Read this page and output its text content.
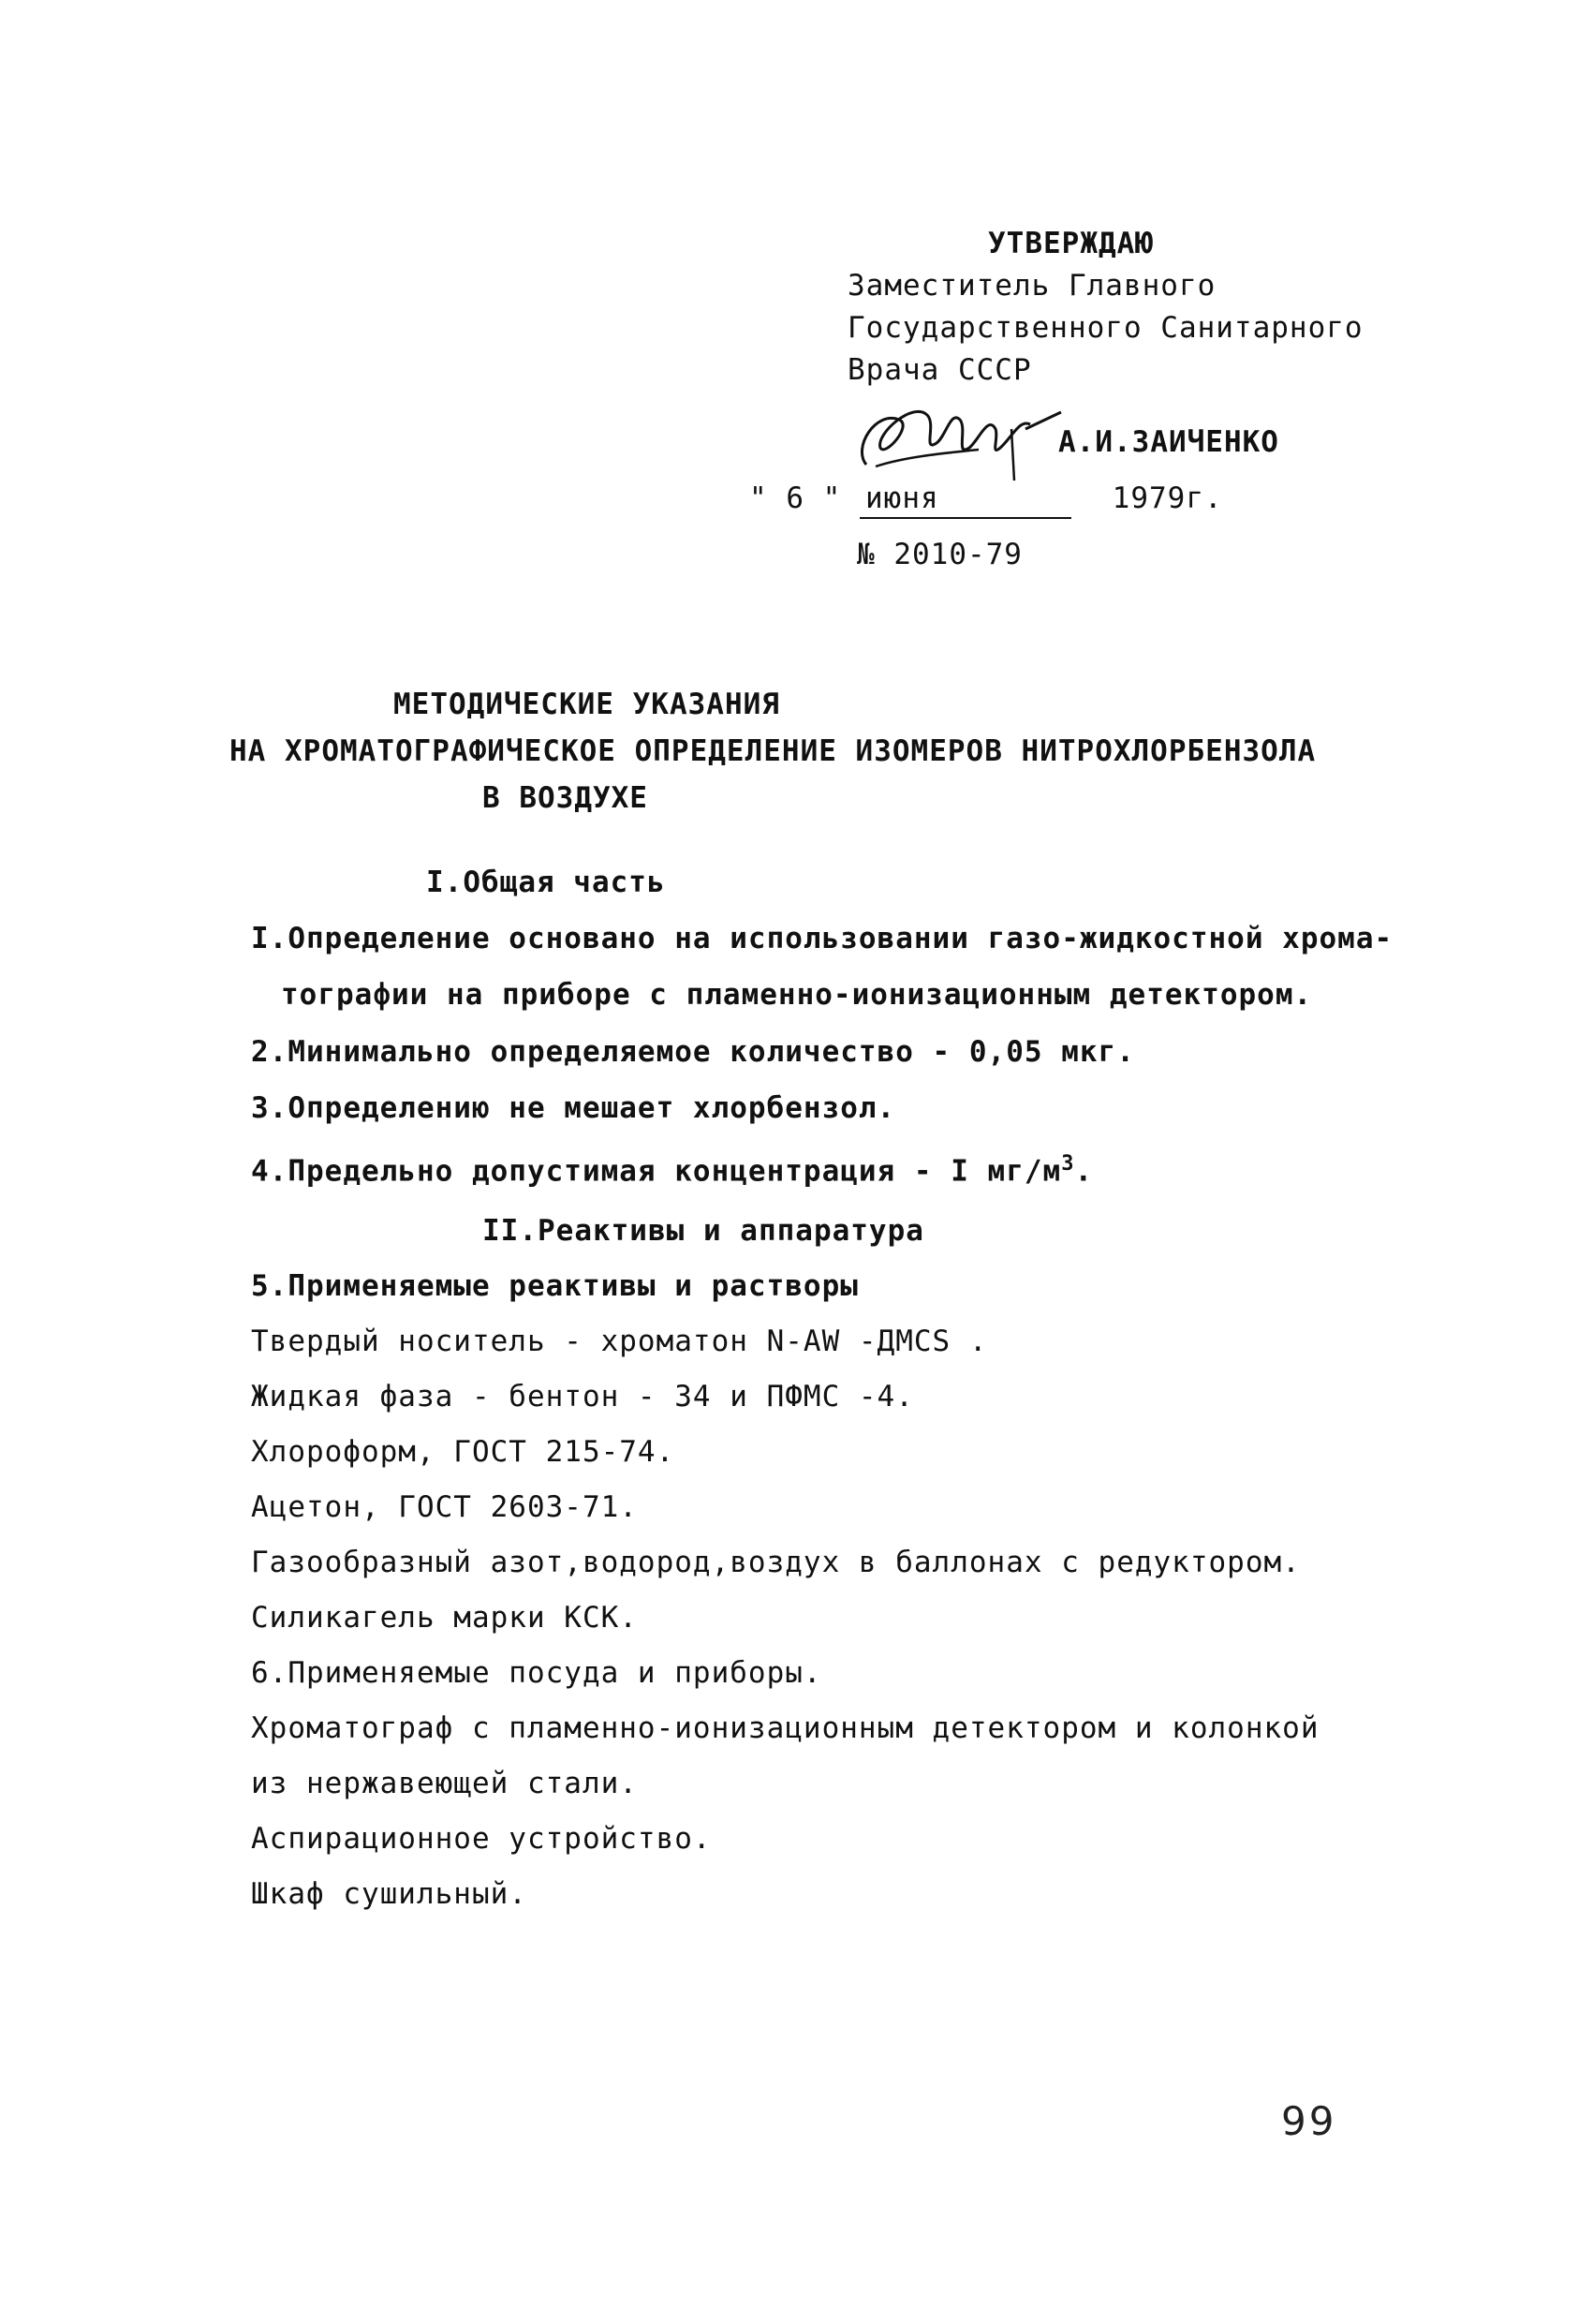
УТВЕРЖДАЮ
Заместитель Главного
Государственного Санитарного
Врача СССР
А.И.ЗАИЧЕНКО
" 6 " июня	1979г.
№ 2010-79
МЕТОДИЧЕСКИЕ УКАЗАНИЯ
НА ХРОМАТОГРАФИЧЕСКОЕ ОПРЕДЕЛЕНИЕ ИЗОМЕРОВ НИТРОХЛОРБЕНЗОЛА
В ВОЗДУХЕ
I.Общая часть
I.Определение основано на использовании газо-жидкостной хрома-
тографии на приборе с пламенно-ионизационным детектором.
2.Минимально определяемое количество - 0,05 мкг.
3.Определению не мешает хлорбензол.
4.Предельно допустимая концентрация - I $мг/м^3$.
II.Реактивы и аппаратура
5.Применяемые реактивы и растворы
Твердый носитель - хроматон N-AW -ДМCS .
Жидкая фаза - бентон - 34 и ПФМС -4.
Хлороформ, ГОСТ 215-74.
Ацетон, ГОСТ 2603-71.
Газообразный азот,водород,воздух в баллонах с редуктором.
Силикагель марки КСК.
6.Применяемые посуда и приборы.
Хроматограф с пламенно-ионизационным детектором и колонкой
из нержавеющей стали.
Аспирационное устройство.
Шкаф сушильный.
99
